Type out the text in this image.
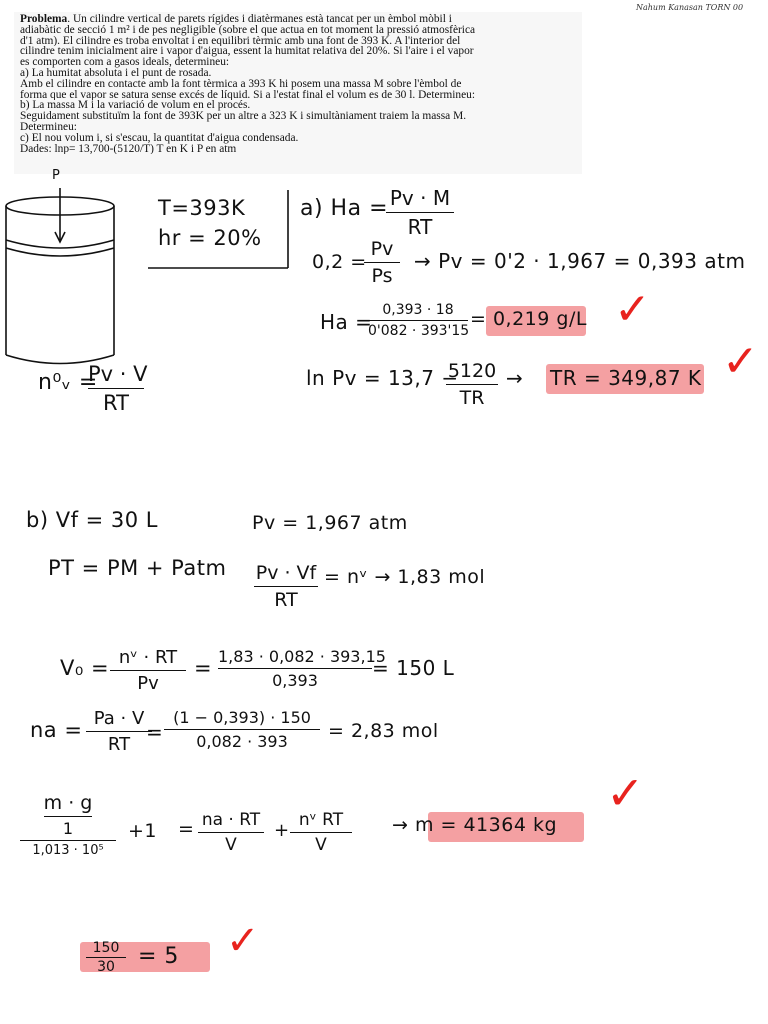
Nahum Kanasan TORN 00
Problema. Un cilindre vertical de parets rígides i diatèrmanes està tancat per un èmbol mòbil i
adiabàtic de secció 1 m² i de pes negligible (sobre el que actua en tot moment la pressió atmosfèrica
d'1 atm). El cilindre es troba envoltat i en equilibri tèrmic amb una font de 393 K. A l'interior del
cilindre tenim inicialment aire i vapor d'aigua, essent la humitat relativa del 20%. Si l'aire i el vapor
es comporten com a gasos ideals, determineu:
a) La humitat absoluta i el punt de rosada.
Amb el cilindre en contacte amb la font tèrmica a 393 K hi posem una massa M sobre l'èmbol de
forma que el vapor se satura sense excés de líquid. Si a l'estat final el volum es de 30 l. Determineu:
b) La massa M i la variació de volum en el procés.
Seguidament substituïm la font de 393K per un altre a 323 K i simultàniament traiem la massa M.
Determineu:
c) El nou volum i, si s'escau, la quantitat d'aigua condensada.
Dades: lnp= 13,700-(5120/T) T en K i P en atm
P
T=393K
hr = 20%
a) Ha = Pv · M
RT
0,2 =
Pv
Ps
→ Pv = 0'2 · 1,967 = 0,393 atm
Ha = 0,393 · 18
0'082 · 393'15
= 0,219 g/L ✓
n⁰ᵥ =
Pv · V
RT
ln Pv = 13,7 −
5120
TR
→ TR = 349,87 K ✓
b) Vf = 30 L	Pv = 1,967 atm
PT = PM + Patm Pv · Vf
RT
= nᵛ → 1,83 mol
V₀ = nᵛ · RT
Pv
= 1,83 · 0,082 · 393,15
0,393
= 150 L
na = Pa · V
RT
=
(1 − 0,393) · 150
0,082 · 393	= 2,83 mol
m · g
1
1,013 · 10⁵
+1 = na · RT
V
+ nᵛ RT
V
→ m = 41364 kg
✓
150
30	= 5 ✓
